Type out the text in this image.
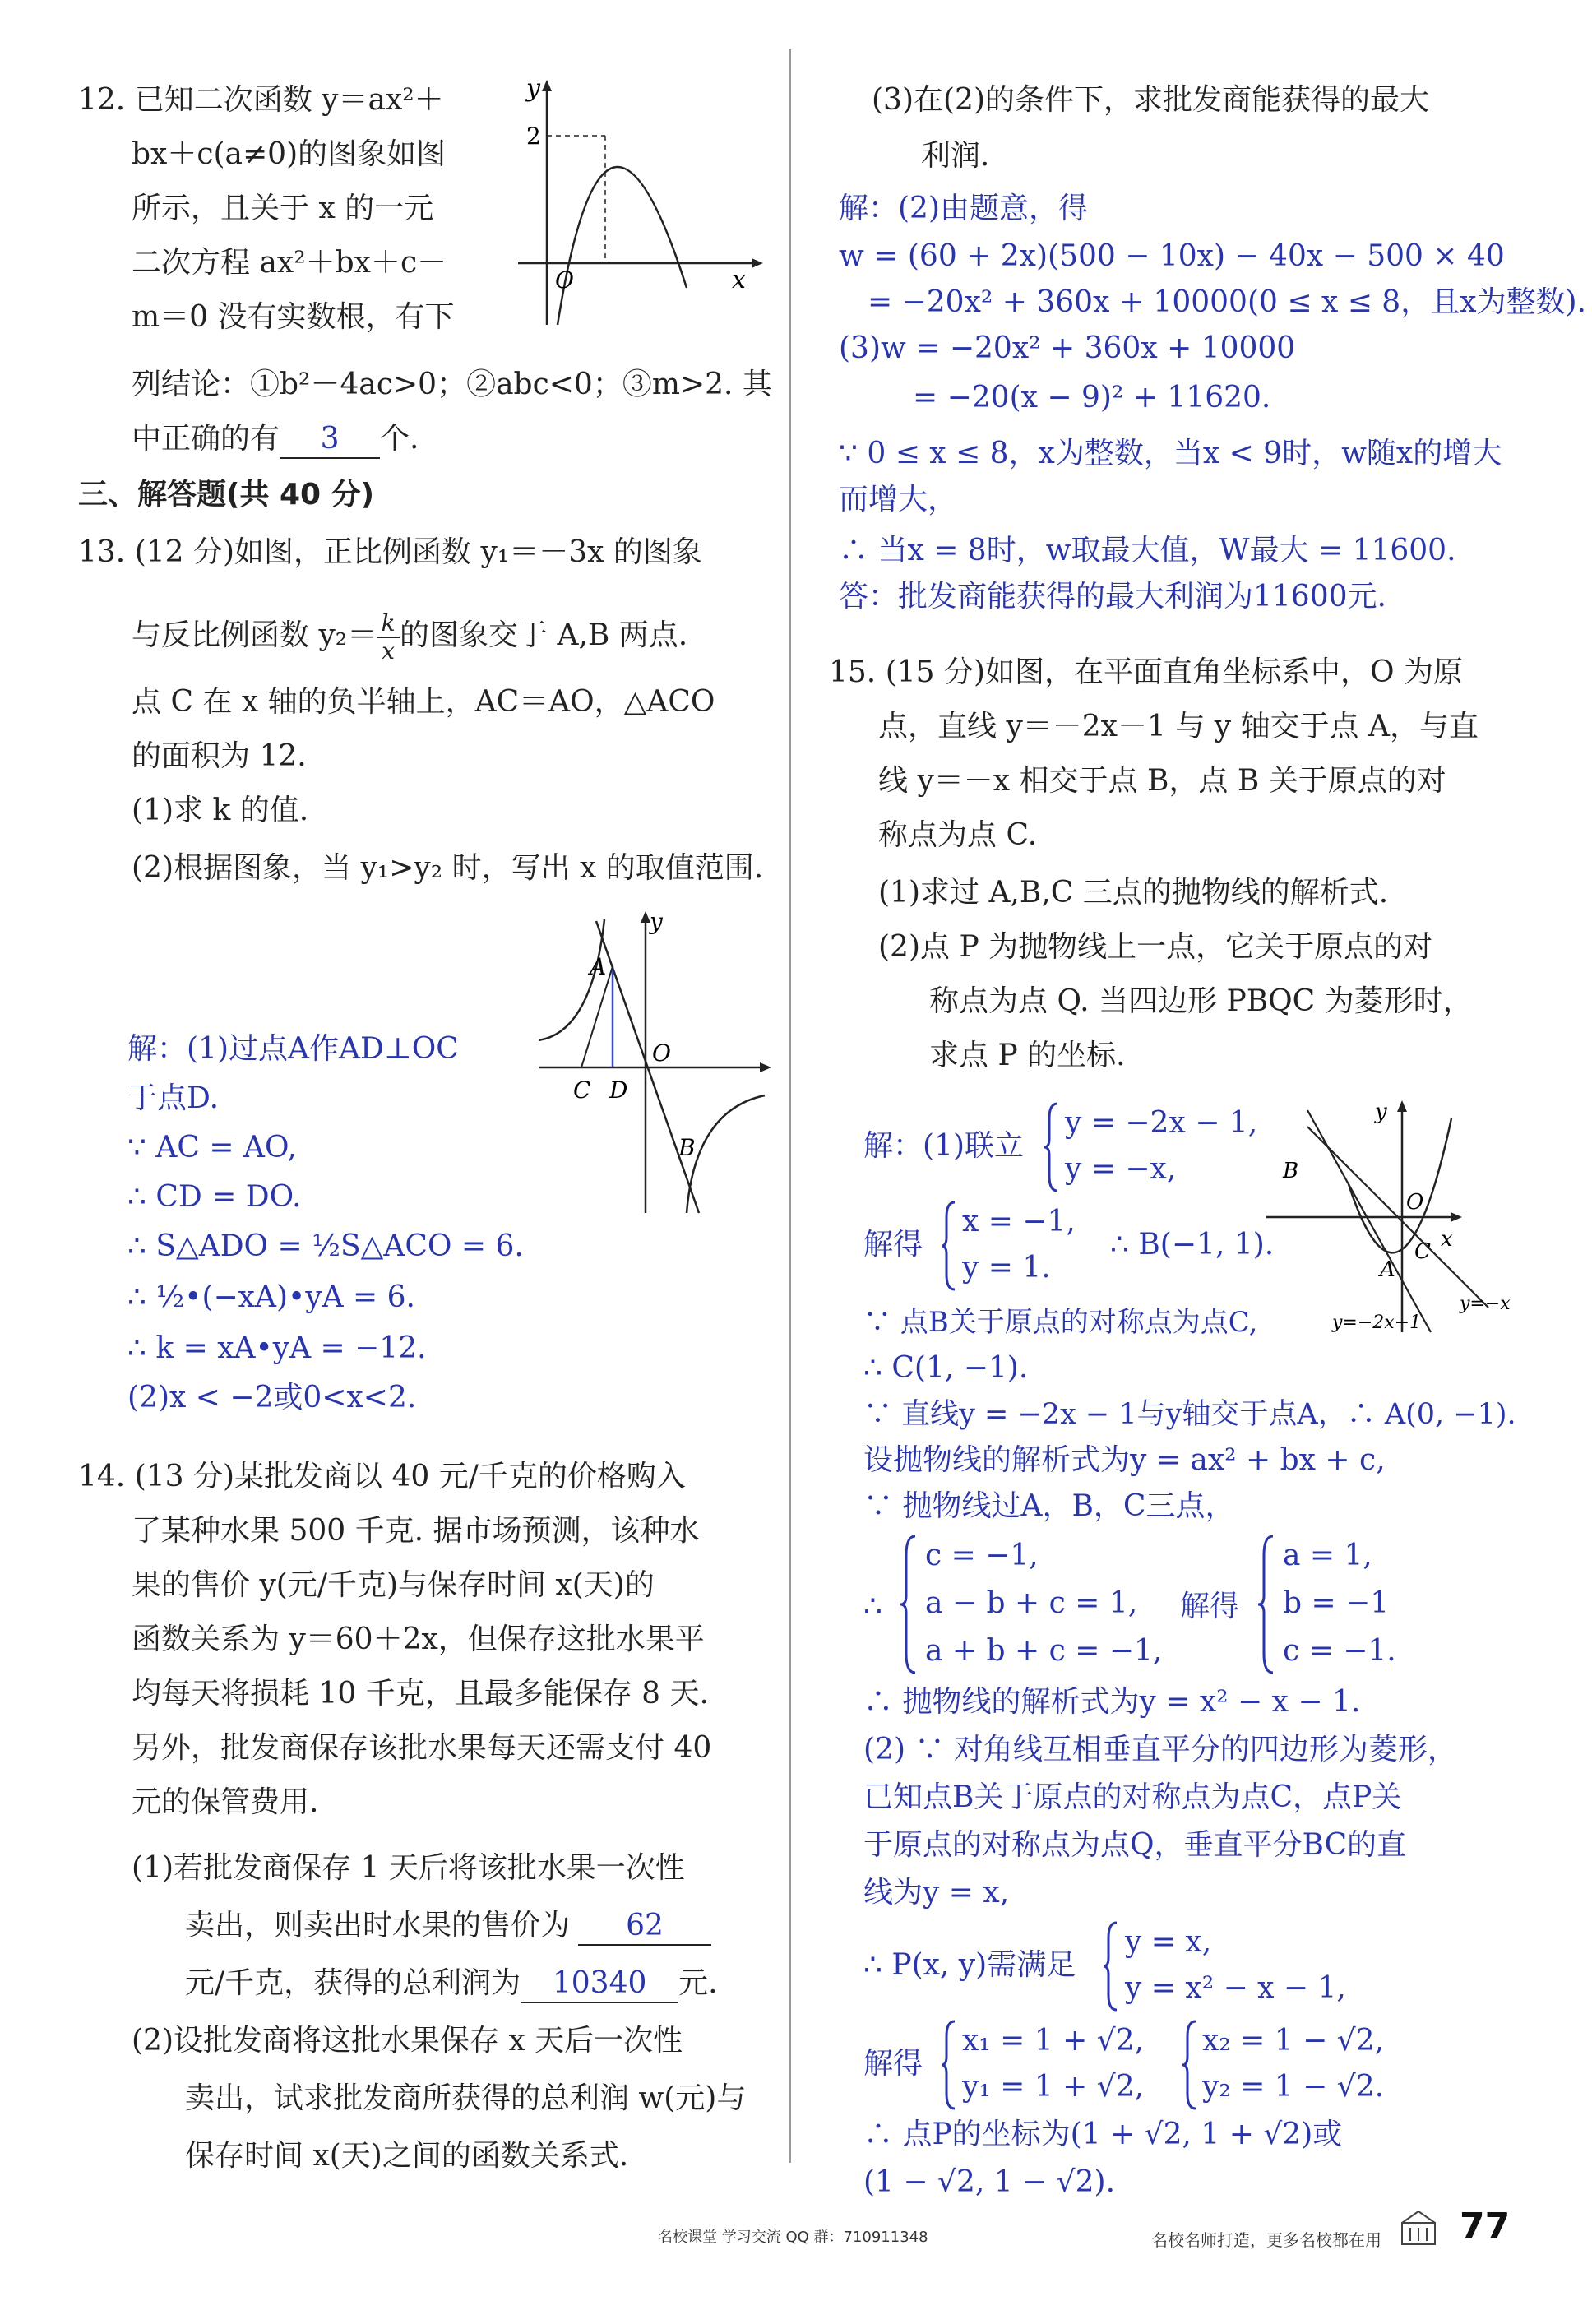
12. 已知二次函数 y＝ax²＋
bx＋c(a≠0)的图象如图
所示，且关于 x 的一元
二次方程 ax²＋bx＋c－
m＝0 没有实数根，有下
列结论：①b²－4ac>0；②abc<0；③m>2. 其
中正确的有 3 个.
y
x
O
2
三、解答题(共 40 分)
13. (12 分)如图，正比例函数 y₁＝－3x 的图象
与反比例函数 $y_2= \frac{k}{x}$ 的图象交于 A,B 两点.
点 C 在 x 轴的负半轴上，AC＝AO，△ACO
的面积为 12.
(1)求 k 的值.
(2)根据图象，当 y₁>y₂ 时，写出 x 的取值范围.
y
A
O
C D
B
解：(1)过点A作AD⊥OC
于点D.
∵ AC = AO,
∴ CD = DO.
∴ S△ADO = ½S△ACO = 6.
∴ ½•(−xA)•yA = 6.
∴ k = xA•yA = −12.
(2)x < −2或0<x<2.
14. (13 分)某批发商以 40 元/千克的价格购入
了某种水果 500 千克. 据市场预测，该种水
果的售价 y(元/千克)与保存时间 x(天)的
函数关系为 y＝60＋2x，但保存这批水果平
均每天将损耗 10 千克，且最多能保存 8 天.
另外，批发商保存该批水果每天还需支付 40
元的保管费用.
(1)若批发商保存 1 天后将该批水果一次性
卖出，则卖出时水果的售价为 62
元/千克，获得的总利润为 10340 元.
(2)设批发商将这批水果保存 x 天后一次性
卖出，试求批发商所获得的总利润 w(元)与
保存时间 x(天)之间的函数关系式.
(3)在(2)的条件下，求批发商能获得的最大
利润.
解：(2)由题意，得
w = (60 + 2x)(500 − 10x) − 40x − 500 × 40
= −20x² + 360x + 10000(0 ≤ x ≤ 8，且x为整数).
(3)w = −20x² + 360x + 10000
= −20(x − 9)² + 11620.
∵ 0 ≤ x ≤ 8，x为整数，当x < 9时，w随x的增大
而增大，
∴ 当x = 8时，w取最大值，W最大 = 11600.
答：批发商能获得的最大利润为11600元.
15. (15 分)如图，在平面直角坐标系中，O 为原
点，直线 y＝－2x－1 与 y 轴交于点 A，与直
线 y＝－x 相交于点 B，点 B 关于原点的对
称点为点 C.
(1)求过 A,B,C 三点的抛物线的解析式.
(2)点 P 为抛物线上一点，它关于原点的对
称点为点 Q. 当四边形 PBQC 为菱形时，
求点 P 的坐标.
y
x
O
B
A
C
y=−2x−1
y=−x
解：(1)联立
y = −2x − 1,
y = −x,
解得
x = −1,
y = 1.
∴ B(−1, 1).
∵ 点B关于原点的对称点为点C,
∴ C(1, −1).
∵ 直线y = −2x − 1与y轴交于点A，∴ A(0, −1).
设抛物线的解析式为y = ax² + bx + c,
∵ 抛物线过A，B，C三点，
∴
c = −1,
a − b + c = 1,
a + b + c = −1,
解得
a = 1,
b = −1
c = −1.
∴ 抛物线的解析式为y = x² − x − 1.
(2) ∵ 对角线互相垂直平分的四边形为菱形，
已知点B关于原点的对称点为点C，点P关
于原点的对称点为点Q，垂直平分BC的直
线为y = x,
∴ P(x, y)需满足
y = x,
y = x² − x − 1,
解得
x₁ = 1 + √2,
y₁ = 1 + √2,
x₂ = 1 − √2,
y₂ = 1 − √2.
∴ 点P的坐标为(1 + √2, 1 + √2)或
(1 − √2, 1 − √2).
名校课堂 学习交流 QQ 群：710911348	名校名师打造，更多名校都在用 77
